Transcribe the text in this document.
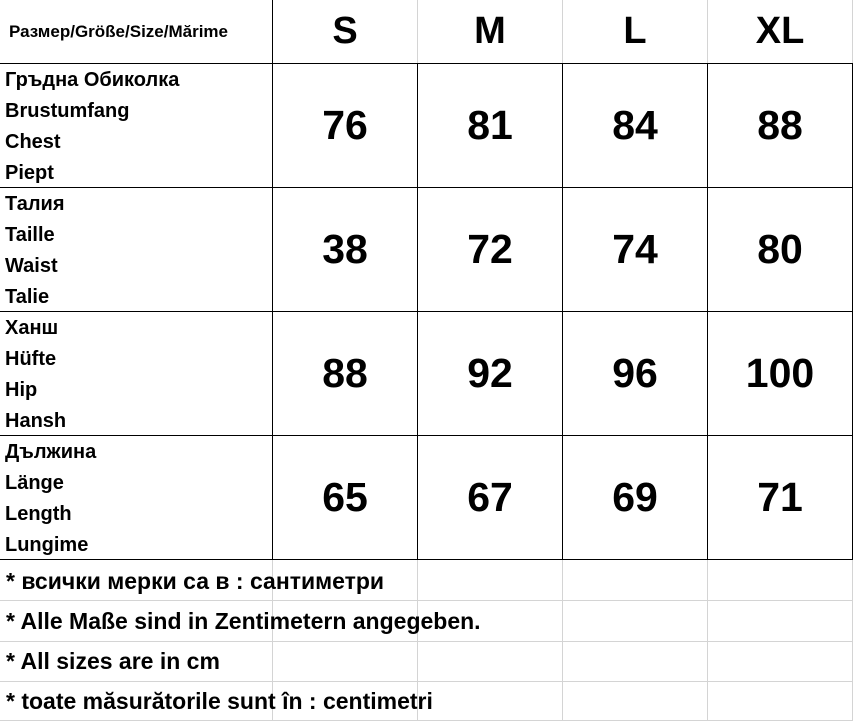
Размер/Größe/Size/Mărime	S	M	L	XL
Гръдна Обиколка
Brustumfang
Chest
Piept
76	81	84	88
Талия
Taille
Waist
Talie
38	72	74	80
Ханш
Hüfte
Hip
Hansh
88	92	96	100
Дължина
Länge
Length
Lungime
65	67	69	71
* всички мерки са в : сантиметри
* Alle Maße sind in Zentimetern angegeben.
* All sizes are in cm
* toate măsurătorile sunt în : centimetri
